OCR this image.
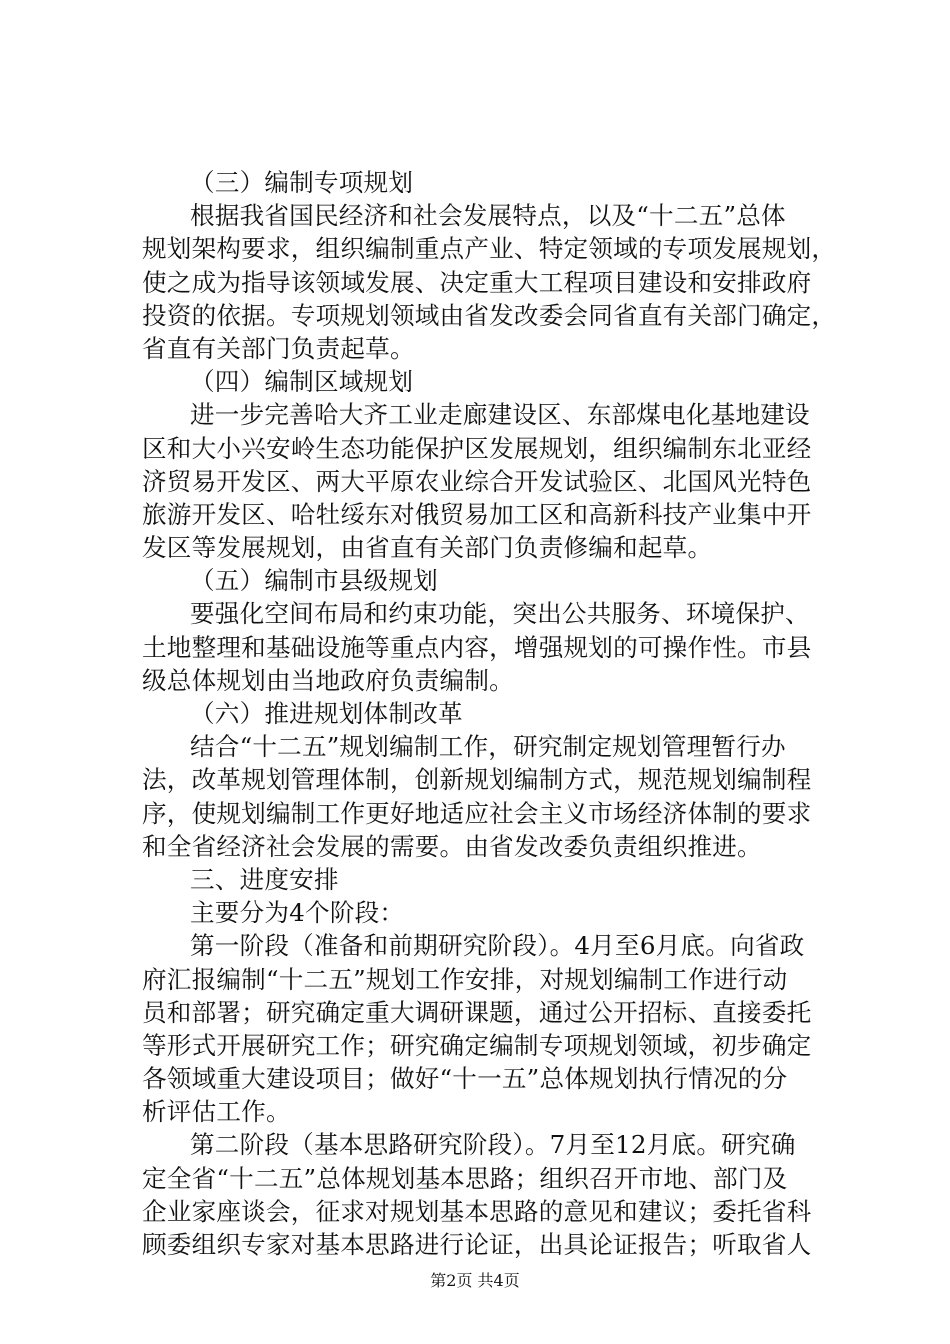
（三）编制专项规划
根据我省国民经济和社会发展特点，以及“十二五”总体
规划架构要求，组织编制重点产业、特定领域的专项发展规划，
使之成为指导该领域发展、决定重大工程项目建设和安排政府
投资的依据。专项规划领域由省发改委会同省直有关部门确定，
省直有关部门负责起草。
（四）编制区域规划
进一步完善哈大齐工业走廊建设区、东部煤电化基地建设
区和大小兴安岭生态功能保护区发展规划，组织编制东北亚经
济贸易开发区、两大平原农业综合开发试验区、北国风光特色
旅游开发区、哈牡绥东对俄贸易加工区和高新科技产业集中开
发区等发展规划，由省直有关部门负责修编和起草。
（五）编制市县级规划
要强化空间布局和约束功能，突出公共服务、环境保护、
土地整理和基础设施等重点内容，增强规划的可操作性。市县
级总体规划由当地政府负责编制。
（六）推进规划体制改革
结合“十二五”规划编制工作，研究制定规划管理暂行办
法，改革规划管理体制，创新规划编制方式，规范规划编制程
序，使规划编制工作更好地适应社会主义市场经济体制的要求
和全省经济社会发展的需要。由省发改委负责组织推进。
三、进度安排
主要分为4个阶段：
第一阶段（准备和前期研究阶段）。4月至6月底。向省政
府汇报编制“十二五”规划工作安排，对规划编制工作进行动
员和部署；研究确定重大调研课题，通过公开招标、直接委托
等形式开展研究工作；研究确定编制专项规划领域，初步确定
各领域重大建设项目；做好“十一五”总体规划执行情况的分
析评估工作。
第二阶段（基本思路研究阶段）。7月至12月底。研究确
定全省“十二五”总体规划基本思路；组织召开市地、部门及
企业家座谈会，征求对规划基本思路的意见和建议；委托省科
顾委组织专家对基本思路进行论证，出具论证报告；听取省人
第2页 共4页
